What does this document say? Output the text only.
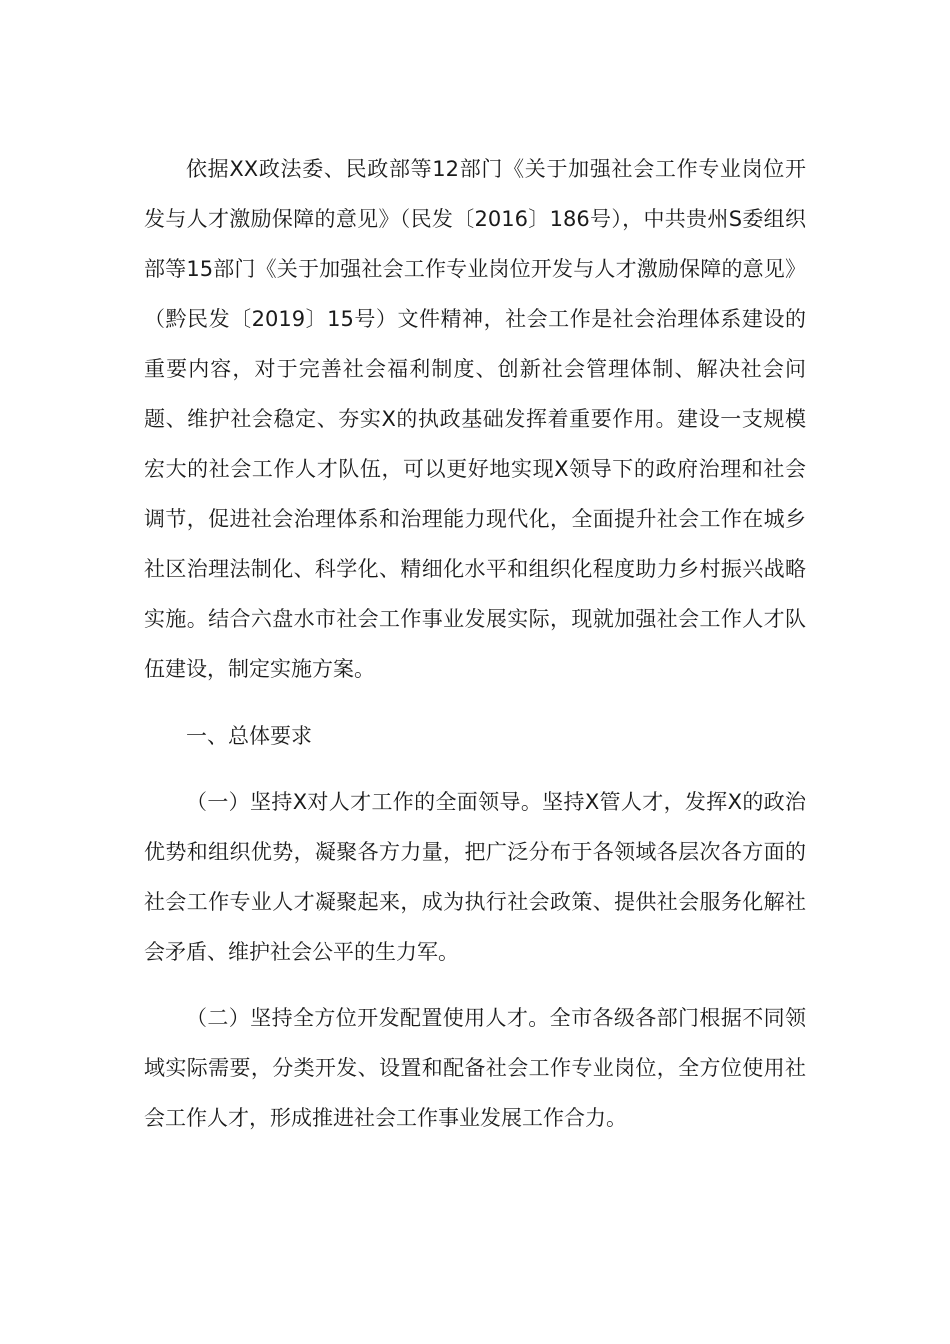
依据XX政法委、民政部等12部门《关于加强社会工作专业岗位开发与人才激励保障的意见》（民发〔2016〕186号），中共贵州S委组织部等15部门《关于加强社会工作专业岗位开发与人才激励保障的意见》（黔民发〔2019〕15号）文件精神，社会工作是社会治理体系建设的重要内容，对于完善社会福利制度、创新社会管理体制、解决社会问题、维护社会稳定、夯实X的执政基础发挥着重要作用。建设一支规模宏大的社会工作人才队伍，可以更好地实现X领导下的政府治理和社会调节，促进社会治理体系和治理能力现代化，全面提升社会工作在城乡社区治理法制化、科学化、精细化水平和组织化程度助力乡村振兴战略实施。结合六盘水市社会工作事业发展实际，现就加强社会工作人才队伍建设，制定实施方案。

一、总体要求

（一）坚持X对人才工作的全面领导。坚持X管人才，发挥X的政治优势和组织优势，凝聚各方力量，把广泛分布于各领域各层次各方面的社会工作专业人才凝聚起来，成为执行社会政策、提供社会服务化解社会矛盾、维护社会公平的生力军。

（二）坚持全方位开发配置使用人才。全市各级各部门根据不同领域实际需要，分类开发、设置和配备社会工作专业岗位，全方位使用社会工作人才，形成推进社会工作事业发展工作合力。
